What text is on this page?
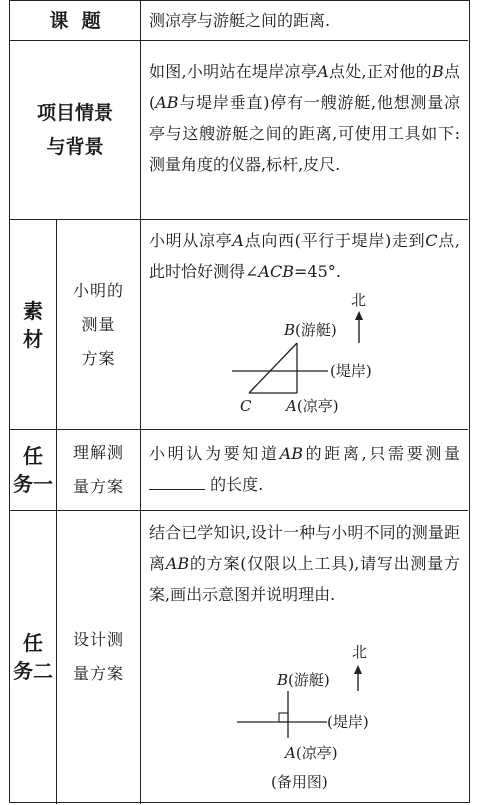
课  题	测凉亭与游艇之间的距离.
项目情景
与背景
如图,小明站在堤岸凉亭A点处,正对他的B点(AB与堤岸垂直)停有一艘游艇,他想测量凉亭与这艘游艇之间的距离,可使用工具如下:测量角度的仪器,标杆,皮尺.
素
材
小明的
测量
方案
小明从凉亭A点向西(平行于堤岸)走到C点,此时恰好测得∠ACB=45°.
北
B(游艇)
(堤岸)
C A(凉亭)
任
务一
理解测
量方案
小明认为要知道AB的距离,只需要测量  的长度.
任
务二
设计测
量方案
结合已学知识,设计一种与小明不同的测量距离AB的方案(仅限以上工具),请写出测量方案,画出示意图并说明理由.
北
B(游艇)
(堤岸)
A(凉亭)
(备用图)
